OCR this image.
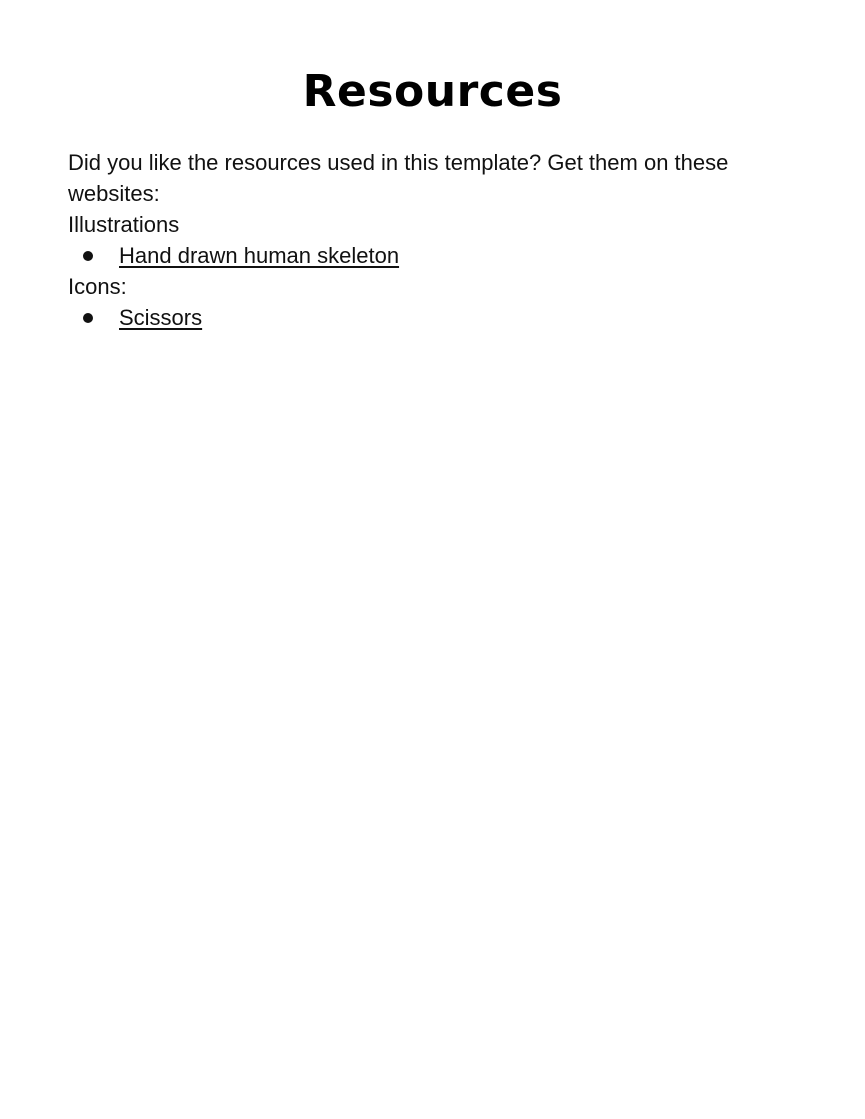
Resources

Did you like the resources used in this template? Get them on these websites:

Illustrations

Hand drawn human skeleton

Icons:

Scissors
